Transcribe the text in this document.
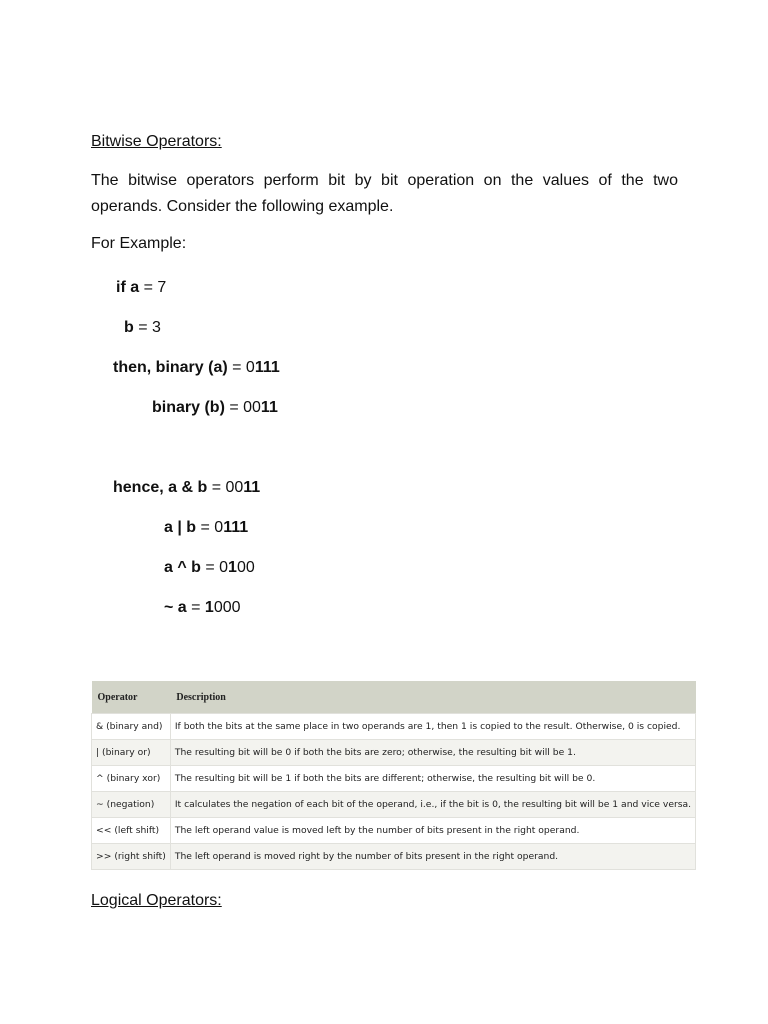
Bitwise Operators:
The bitwise operators perform bit by bit operation on the values of the two
operands. Consider the following example.
For Example:
if a = 7
b = 3
then, binary (a) = 0111
binary (b) = 0011
hence, a & b = 0011
a | b = 0111
a ^ b = 0100
~ a = 1000
Operator	Description
& (binary and)	If both the bits at the same place in two operands are 1, then 1 is copied to the result. Otherwise, 0 is copied.
| (binary or)	The resulting bit will be 0 if both the bits are zero; otherwise, the resulting bit will be 1.
^ (binary xor)	The resulting bit will be 1 if both the bits are different; otherwise, the resulting bit will be 0.
~ (negation)	It calculates the negation of each bit of the operand, i.e., if the bit is 0, the resulting bit will be 1 and vice versa.
<< (left shift)	The left operand value is moved left by the number of bits present in the right operand.
>> (right shift)	The left operand is moved right by the number of bits present in the right operand.
Logical Operators:
